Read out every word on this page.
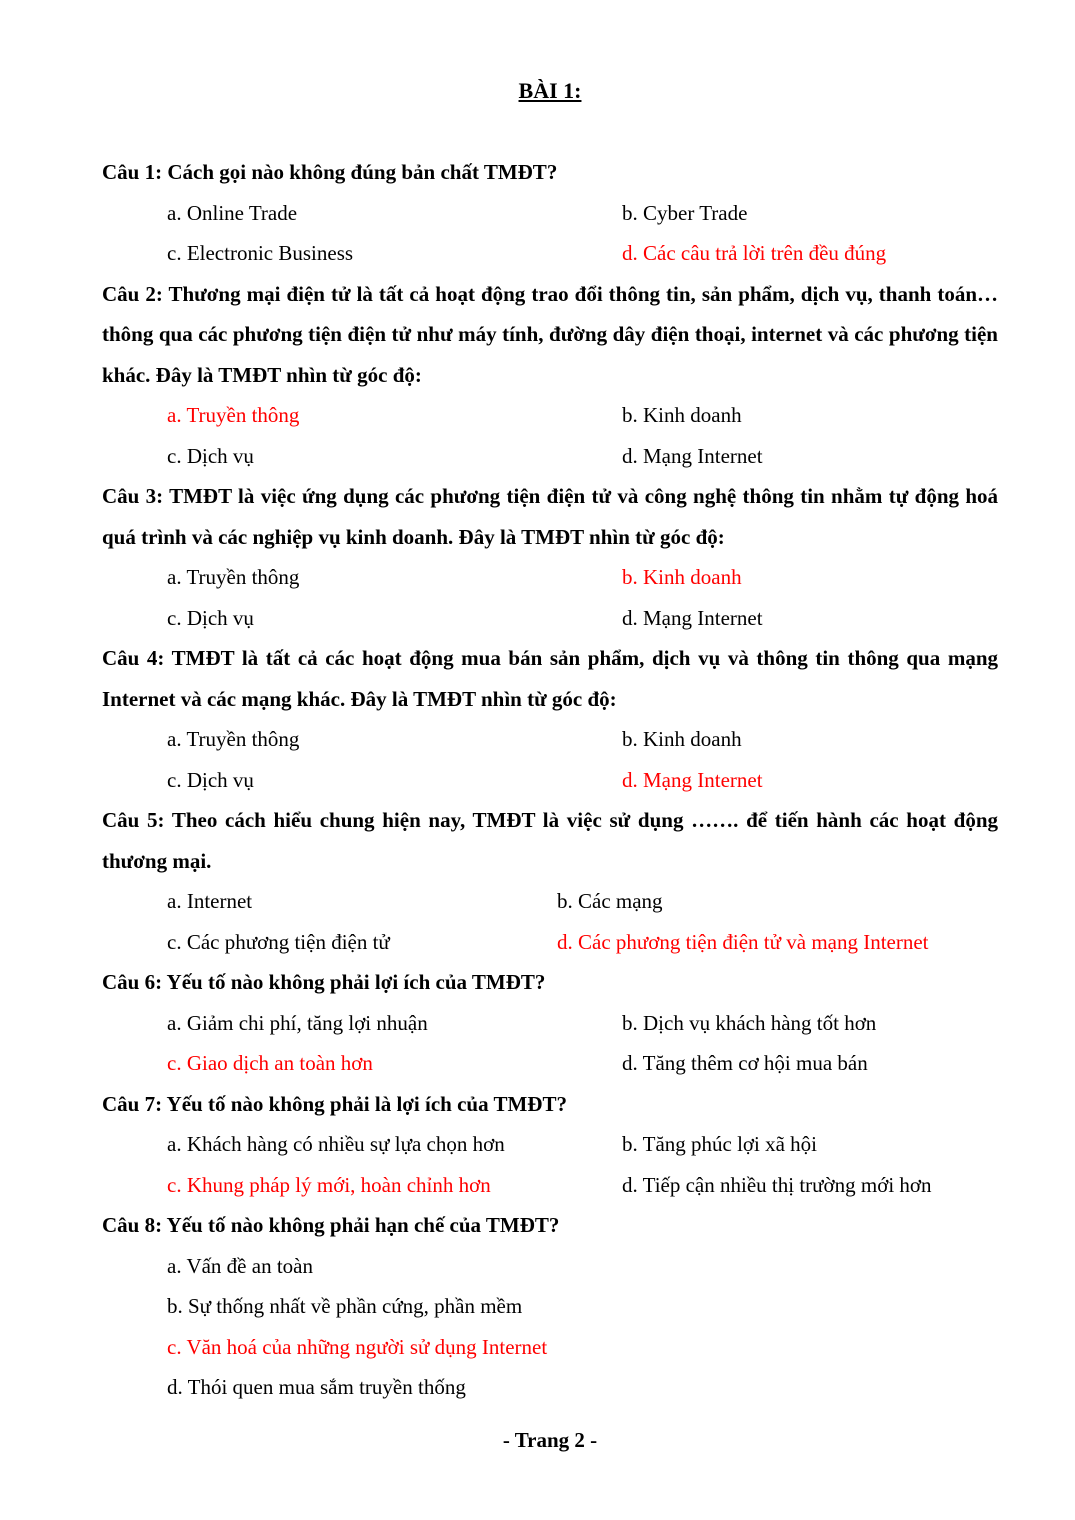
BÀI 1:
Câu 1: Cách gọi nào không đúng bản chất TMĐT?
a. Online Trade	b. Cyber Trade
c. Electronic Business	d. Các câu trả lời trên đều đúng
Câu 2: Thương mại điện tử là tất cả hoạt động trao đổi thông tin, sản phẩm, dịch vụ, thanh toán… thông qua các phương tiện điện tử như máy tính, đường dây điện thoại, internet và các phương tiện khác. Đây là TMĐT nhìn từ góc độ:
a. Truyền thông	b. Kinh doanh
c. Dịch vụ	d. Mạng Internet
Câu 3: TMĐT là việc ứng dụng các phương tiện điện tử và công nghệ thông tin nhằm tự động hoá quá trình và các nghiệp vụ kinh doanh. Đây là TMĐT nhìn từ góc độ:
a. Truyền thông	b. Kinh doanh
c. Dịch vụ	d. Mạng Internet
Câu 4: TMĐT là tất cả các hoạt động mua bán sản phẩm, dịch vụ và thông tin thông qua mạng Internet và các mạng khác. Đây là TMĐT nhìn từ góc độ:
a. Truyền thông	b. Kinh doanh
c. Dịch vụ	d. Mạng Internet
Câu 5: Theo cách hiểu chung hiện nay, TMĐT là việc sử dụng ……. để tiến hành các hoạt động thương mại.
a. Internet	b. Các mạng
c. Các phương tiện điện tử	d. Các phương tiện điện tử và mạng Internet
Câu 6: Yếu tố nào không phải lợi ích của TMĐT?
a. Giảm chi phí, tăng lợi nhuận	b. Dịch vụ khách hàng tốt hơn
c. Giao dịch an toàn hơn	d. Tăng thêm cơ hội mua bán
Câu 7: Yếu tố nào không phải là lợi ích của TMĐT?
a. Khách hàng có nhiều sự lựa chọn hơn	b. Tăng phúc lợi xã hội
c. Khung pháp lý mới, hoàn chỉnh hơn	d. Tiếp cận nhiều thị trường mới hơn
Câu 8: Yếu tố nào không phải hạn chế của TMĐT?
a. Vấn đề an toàn
b. Sự thống nhất về phần cứng, phần mềm
c. Văn hoá của những người sử dụng Internet
d. Thói quen mua sắm truyền thống
- Trang 2 -
